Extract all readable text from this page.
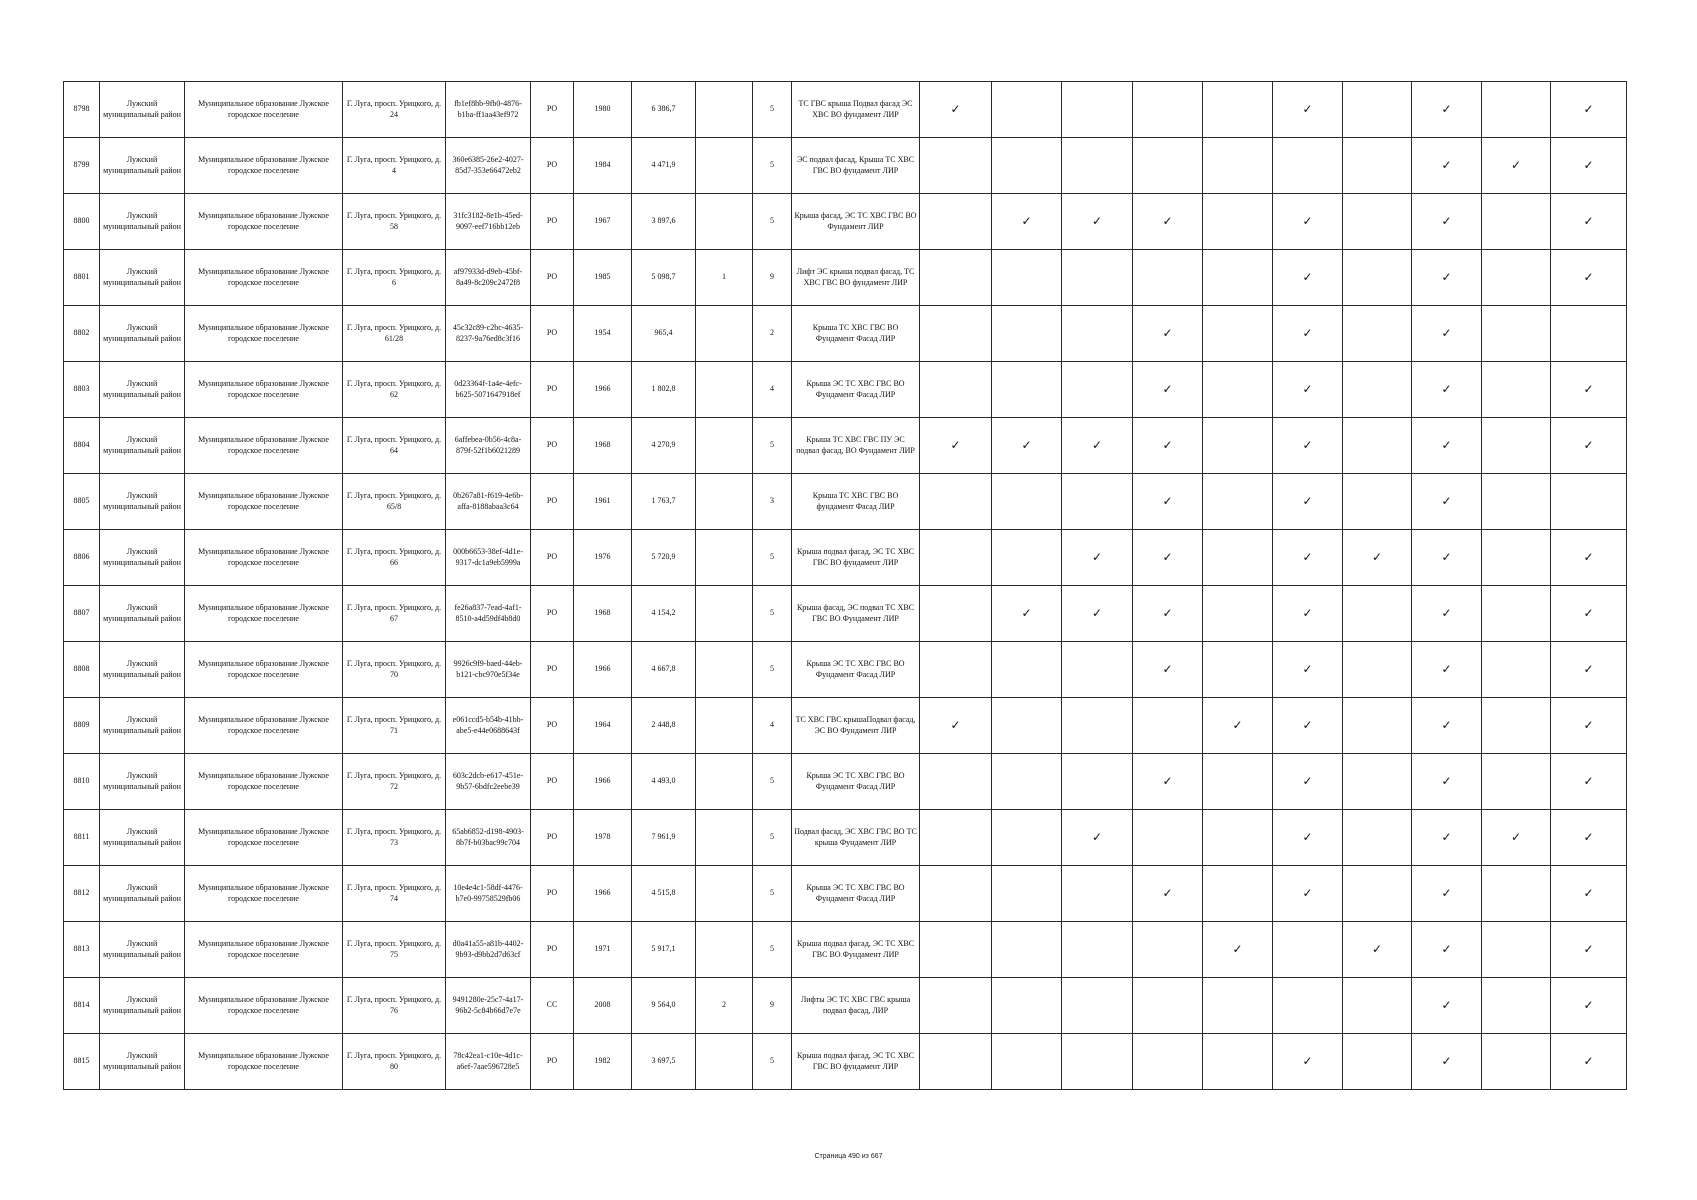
8798	Лужский муниципальный район	Муниципальное образование Лужское городское поселение	Г. Луга, просп. Урицкого, д. 24	fb1ef8bb-9fb0-4876-b1ba-ff1aa43ef972	РО	1980	6 386,7		5	ТС ГВС крыша Подвал фасад ЭС ХВС ВО фундамент ЛИР	✓					✓		✓		✓
8799	Лужский муниципальный район	Муниципальное образование Лужское городское поселение	Г. Луга, просп. Урицкого, д. 4	360e6385-26e2-4027-85d7-353e66472eb2	РО	1984	4 471,9		5	ЭС подвал фасад, Крыша ТС ХВС ГВС ВО фундамент ЛИР								✓	✓	✓
8800	Лужский муниципальный район	Муниципальное образование Лужское городское поселение	Г. Луга, просп. Урицкого, д. 58	31fc3182-8e1b-45ed-9097-eef716bb12eb	РО	1967	3 897,6		5	Крыша фасад, ЭС ТС ХВС ГВС ВО Фундамент ЛИР		✓	✓	✓		✓		✓		✓
8801	Лужский муниципальный район	Муниципальное образование Лужское городское поселение	Г. Луга, просп. Урицкого, д. 6	af97933d-d9eb-45bf-8a49-8c209c2472f8	РО	1985	5 098,7	1	9	Лифт ЭС крыша подвал фасад, ТС ХВС ГВС ВО фундамент ЛИР						✓		✓		✓
8802	Лужский муниципальный район	Муниципальное образование Лужское городское поселение	Г. Луга, просп. Урицкого, д. 61/28	45c32c89-c2bc-4635-8237-9a76ed8c3f16	РО	1954	965,4		2	Крыша ТС ХВС ГВС ВО Фундамент Фасад ЛИР				✓		✓		✓		
8803	Лужский муниципальный район	Муниципальное образование Лужское городское поселение	Г. Луга, просп. Урицкого, д. 62	0d23364f-1a4e-4efc-b625-5071647918ef	РО	1966	1 802,8		4	Крыша ЭС ТС ХВС ГВС ВО Фундамент Фасад ЛИР				✓		✓		✓		✓
8804	Лужский муниципальный район	Муниципальное образование Лужское городское поселение	Г. Луга, просп. Урицкого, д. 64	6affebea-0b56-4c8a-879f-52f1b6021289	РО	1968	4 270,9		5	Крыша ТС ХВС ГВС ПУ ЭС подвал фасад, ВО Фундамент ЛИР	✓	✓	✓	✓		✓		✓		✓
8805	Лужский муниципальный район	Муниципальное образование Лужское городское поселение	Г. Луга, просп. Урицкого, д. 65/8	0b267a81-f619-4e6b-affa-8188abaa3c64	РО	1961	1 763,7		3	Крыша ТС ХВС ГВС ВО фундамент Фасад ЛИР				✓		✓		✓		
8806	Лужский муниципальный район	Муниципальное образование Лужское городское поселение	Г. Луга, просп. Урицкого, д. 66	000b6653-38ef-4d1e-9317-dc1a9eb5999a	РО	1976	5 720,9		5	Крыша подвал фасад, ЭС ТС ХВС ГВС ВО фундамент ЛИР			✓	✓		✓	✓	✓		✓
8807	Лужский муниципальный район	Муниципальное образование Лужское городское поселение	Г. Луга, просп. Урицкого, д. 67	fe26a837-7ead-4af1-8510-a4d59df4b8d0	РО	1968	4 154,2		5	Крыша фасад, ЭС подвал ТС ХВС ГВС ВО Фундамент ЛИР		✓	✓	✓		✓		✓		✓
8808	Лужский муниципальный район	Муниципальное образование Лужское городское поселение	Г. Луга, просп. Урицкого, д. 70	9926c9f9-baed-44eb-b121-cbc970e5f34e	РО	1966	4 667,8		5	Крыша ЭС ТС ХВС ГВС ВО Фундамент Фасад ЛИР				✓		✓		✓		✓
8809	Лужский муниципальный район	Муниципальное образование Лужское городское поселение	Г. Луга, просп. Урицкого, д. 71	e061ccd5-b54b-41bb-abe5-e44e0688643f	РО	1964	2 448,8		4	ТС ХВС ГВС крышаПодвал фасад, ЭС ВО Фундамент ЛИР	✓				✓	✓		✓		✓
8810	Лужский муниципальный район	Муниципальное образование Лужское городское поселение	Г. Луга, просп. Урицкого, д. 72	603c2dcb-e617-451e-9b57-6bdfc2eebe39	РО	1966	4 493,0		5	Крыша ЭС ТС ХВС ГВС ВО Фундамент Фасад ЛИР				✓		✓		✓		✓
8811	Лужский муниципальный район	Муниципальное образование Лужское городское поселение	Г. Луга, просп. Урицкого, д. 73	65ab6852-d198-4903-8b7f-b03bac99c704	РО	1978	7 961,9		5	Подвал фасад, ЭС ХВС ГВС ВО ТС крыша Фундамент ЛИР			✓			✓		✓	✓	✓
8812	Лужский муниципальный район	Муниципальное образование Лужское городское поселение	Г. Луга, просп. Урицкого, д. 74	10e4e4c1-58df-4476-b7e0-99758529fb06	РО	1966	4 515,8		5	Крыша ЭС ТС ХВС ГВС ВО Фундамент Фасад ЛИР				✓		✓		✓		✓
8813	Лужский муниципальный район	Муниципальное образование Лужское городское поселение	Г. Луга, просп. Урицкого, д. 75	d0a41a55-a81b-4402-9b93-d9bb2d7d63cf	РО	1971	5 917,1		5	Крыша подвал фасад, ЭС ТС ХВС ГВС ВО Фундамент ЛИР					✓		✓	✓		✓
8814	Лужский муниципальный район	Муниципальное образование Лужское городское поселение	Г. Луга, просп. Урицкого, д. 76	9491280e-25c7-4a17-96b2-5c84b66d7e7e	СС	2008	9 564,0	2	9	Лифты ЭС ТС ХВС ГВС крыша подвал фасад, ЛИР								✓		✓
8815	Лужский муниципальный район	Муниципальное образование Лужское городское поселение	Г. Луга, просп. Урицкого, д. 80	78c42ea1-c10e-4d1c-a6ef-7aae596728e5	РО	1982	3 697,5		5	Крыша подвал фасад, ЭС ТС ХВС ГВС ВО фундамент ЛИР						✓		✓		✓
Страница 490 из 667
